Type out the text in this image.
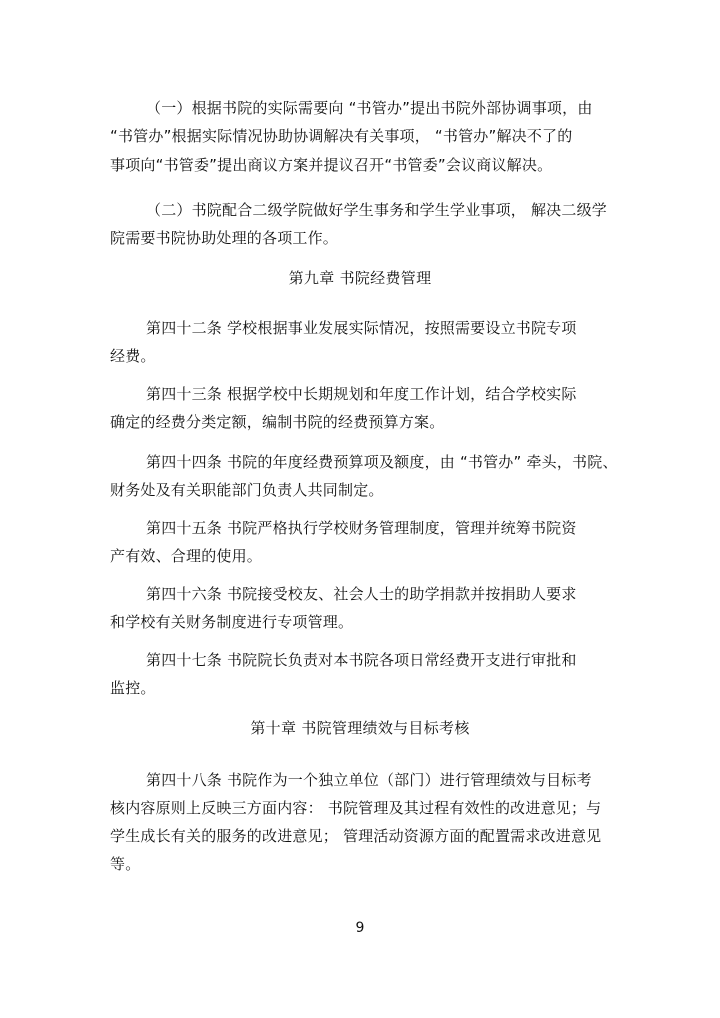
（一）根据书院的实际需要向 “书管办”提出书院外部协调事项，由
“书管办”根据实际情况协助协调解决有关事项， “书管办”解决不了的
事项向“书管委”提出商议方案并提议召开“书管委”会议商议解决。
（二）书院配合二级学院做好学生事务和学生学业事项， 解决二级学
院需要书院协助处理的各项工作。
第九章 书院经费管理
第四十二条 学校根据事业发展实际情况，按照需要设立书院专项
经费。
第四十三条 根据学校中长期规划和年度工作计划，结合学校实际
确定的经费分类定额，编制书院的经费预算方案。
第四十四条 书院的年度经费预算项及额度，由 “书管办” 牵头，书院、
财务处及有关职能部门负责人共同制定。
第四十五条 书院严格执行学校财务管理制度，管理并统筹书院资
产有效、合理的使用。
第四十六条 书院接受校友、社会人士的助学捐款并按捐助人要求
和学校有关财务制度进行专项管理。
第四十七条 书院院长负责对本书院各项日常经费开支进行审批和
监控。
第十章 书院管理绩效与目标考核
第四十八条 书院作为一个独立单位（部门）进行管理绩效与目标考
核内容原则上反映三方面内容： 书院管理及其过程有效性的改进意见；与
学生成长有关的服务的改进意见； 管理活动资源方面的配置需求改进意见
等。
9
